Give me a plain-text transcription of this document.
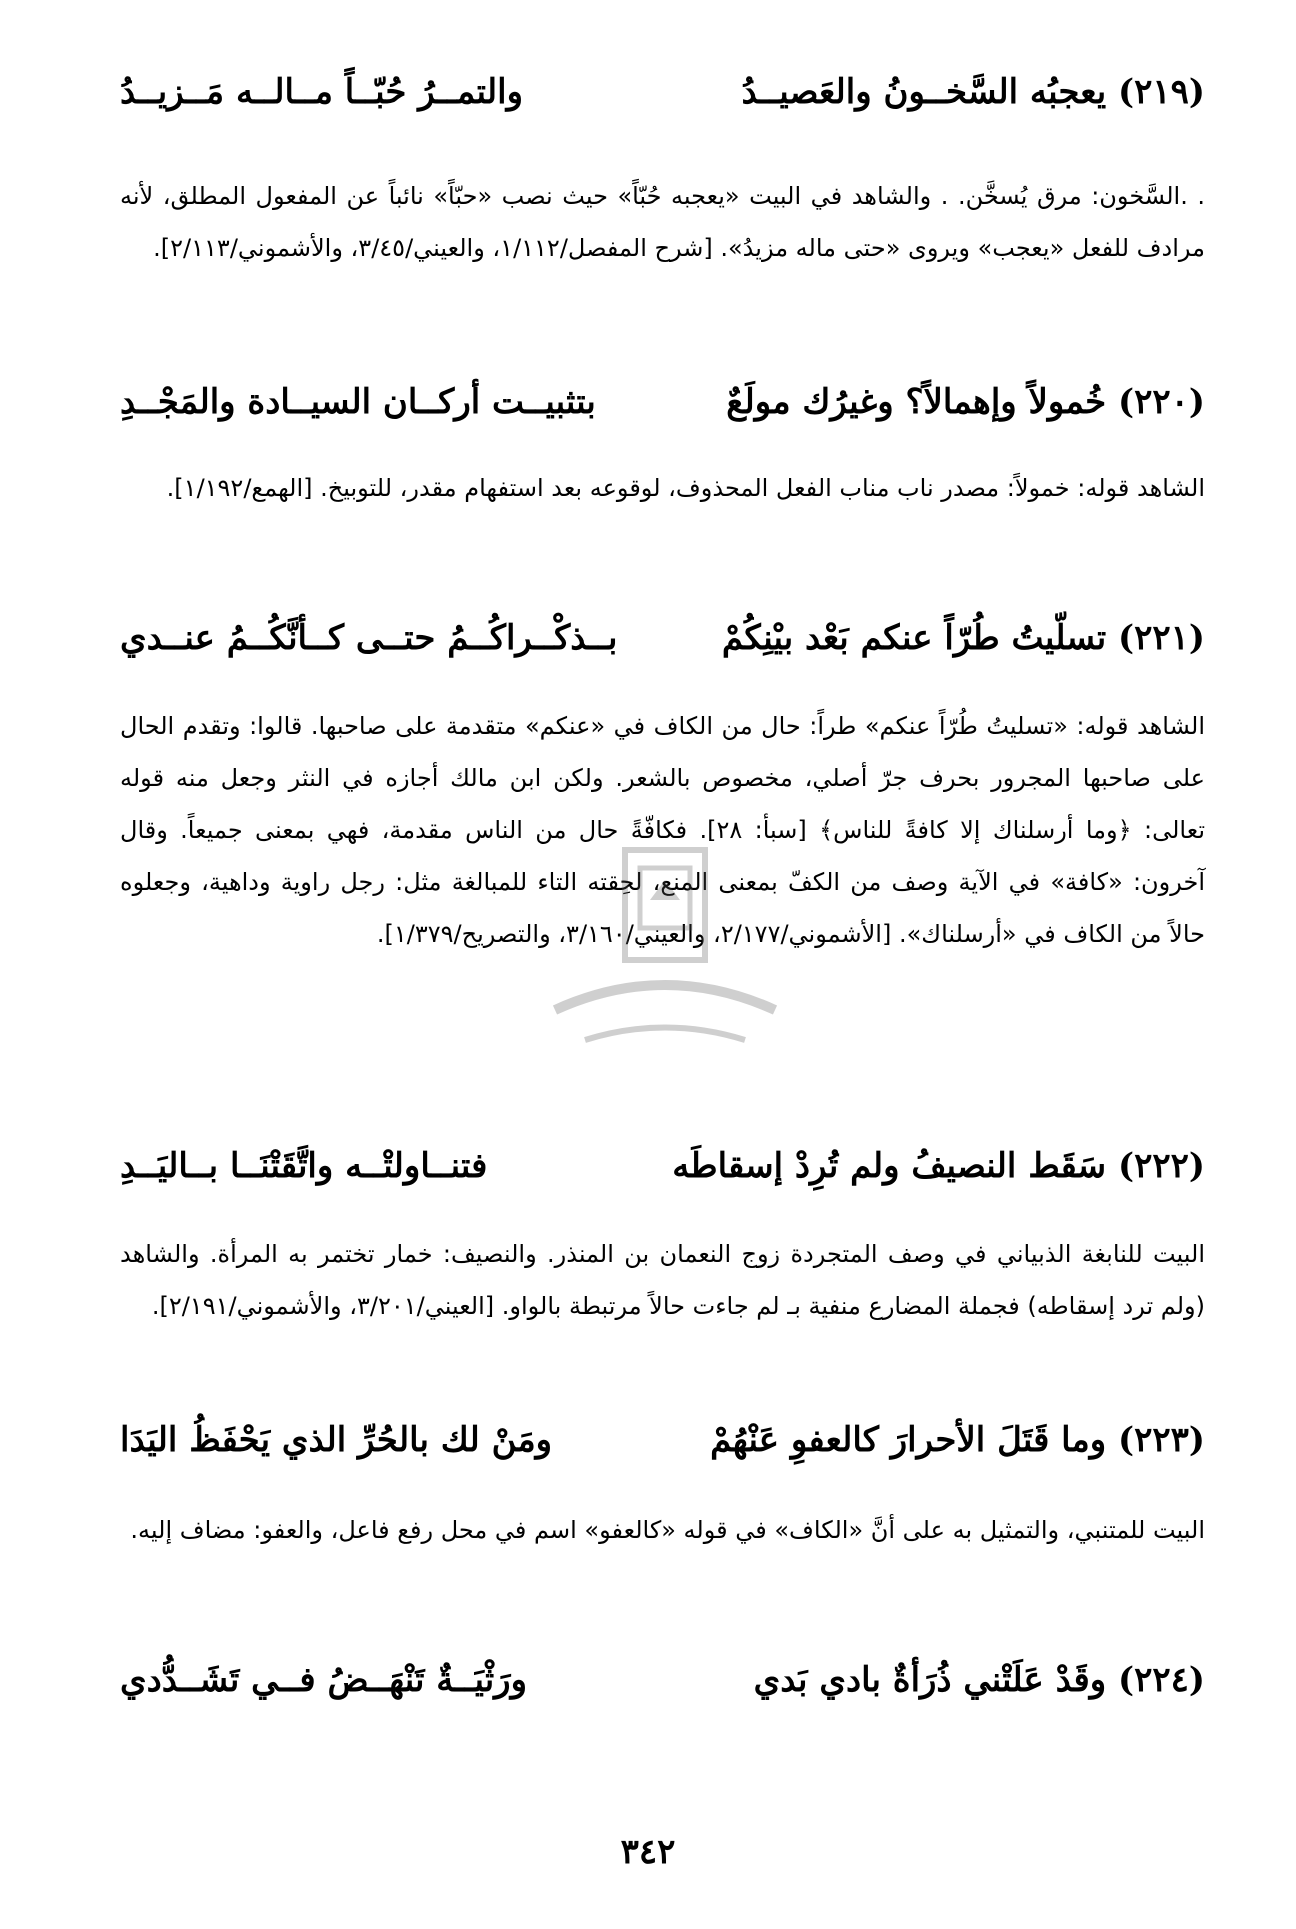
(٢١٩) يعجبُه السَّخــونُ والعَصيــدُ
والتمــرُ حُبّــاً مــالــه مَــزيــدُ
. .السَّخون: مرق يُسخَّن. . والشاهد في البيت «يعجبه حُبّاً» حيث نصب «حبّاً» نائباً عن المفعول المطلق، لأنه مرادف للفعل «يعجب» ويروى «حتى ماله مزيدُ». [شرح المفصل/١/١١٢، والعيني/٣/٤٥، والأشموني/٢/١١٣].
(٢٢٠) خُمولاً وإهمالاً؟ وغيرُك مولَعٌ
بتثبيــت أركــان السيــادة والمَجْــدِ
الشاهد قوله: خمولاً: مصدر ناب مناب الفعل المحذوف، لوقوعه بعد استفهام مقدر، للتوبيخ. [الهمع/١/١٩٢].
(٢٢١) تسلّيتُ طُرّاً عنكم بَعْد بيْنِكُمْ
بــذكْــراكُــمُ حتــى كــأنَّكُــمُ عنــدي
الشاهد قوله: «تسليتُ طُرّاً عنكم» طراً: حال من الكاف في «عنكم» متقدمة على صاحبها. قالوا: وتقدم الحال على صاحبها المجرور بحرف جرّ أصلي، مخصوص بالشعر. ولكن ابن مالك أجازه في النثر وجعل منه قوله تعالى: ﴿وما أرسلناك إلا كافةً للناس﴾ [سبأ: ٢٨]. فكافّةً حال من الناس مقدمة، فهي بمعنى جميعاً. وقال آخرون: «كافة» في الآية وصف من الكفّ بمعنى المنع، لحِقته التاء للمبالغة مثل: رجل راوية وداهية، وجعلوه حالاً من الكاف في «أرسلناك». [الأشموني/٢/١٧٧، والعيني/٣/١٦٠، والتصريح/١/٣٧٩].
(٢٢٢) سَقَط النصيفُ ولم تُرِدْ إسقاطَه
فتنــاولتْــه واتَّقَتْنَــا بــاليَــدِ
البيت للنابغة الذبياني في وصف المتجردة زوج النعمان بن المنذر. والنصيف: خمار تختمر به المرأة. والشاهد (ولم ترد إسقاطه) فجملة المضارع منفية بـ لم جاءت حالاً مرتبطة بالواو. [العيني/٣/٢٠١، والأشموني/٢/١٩١].
(٢٢٣) وما قَتَلَ الأحرارَ كالعفوِ عَنْهُمْ
ومَنْ لك بالحُرِّ الذي يَحْفَظُ اليَدَا
البيت للمتنبي، والتمثيل به على أنَّ «الكاف» في قوله «كالعفو» اسم في محل رفع فاعل، والعفو: مضاف إليه.
(٢٢٤) وقَدْ عَلَتْني ذُرَأةٌ بادي بَدي
ورَثْيَــةٌ تَنْهَــضُ فــي تَشَــدُّدي
٣٤٢
